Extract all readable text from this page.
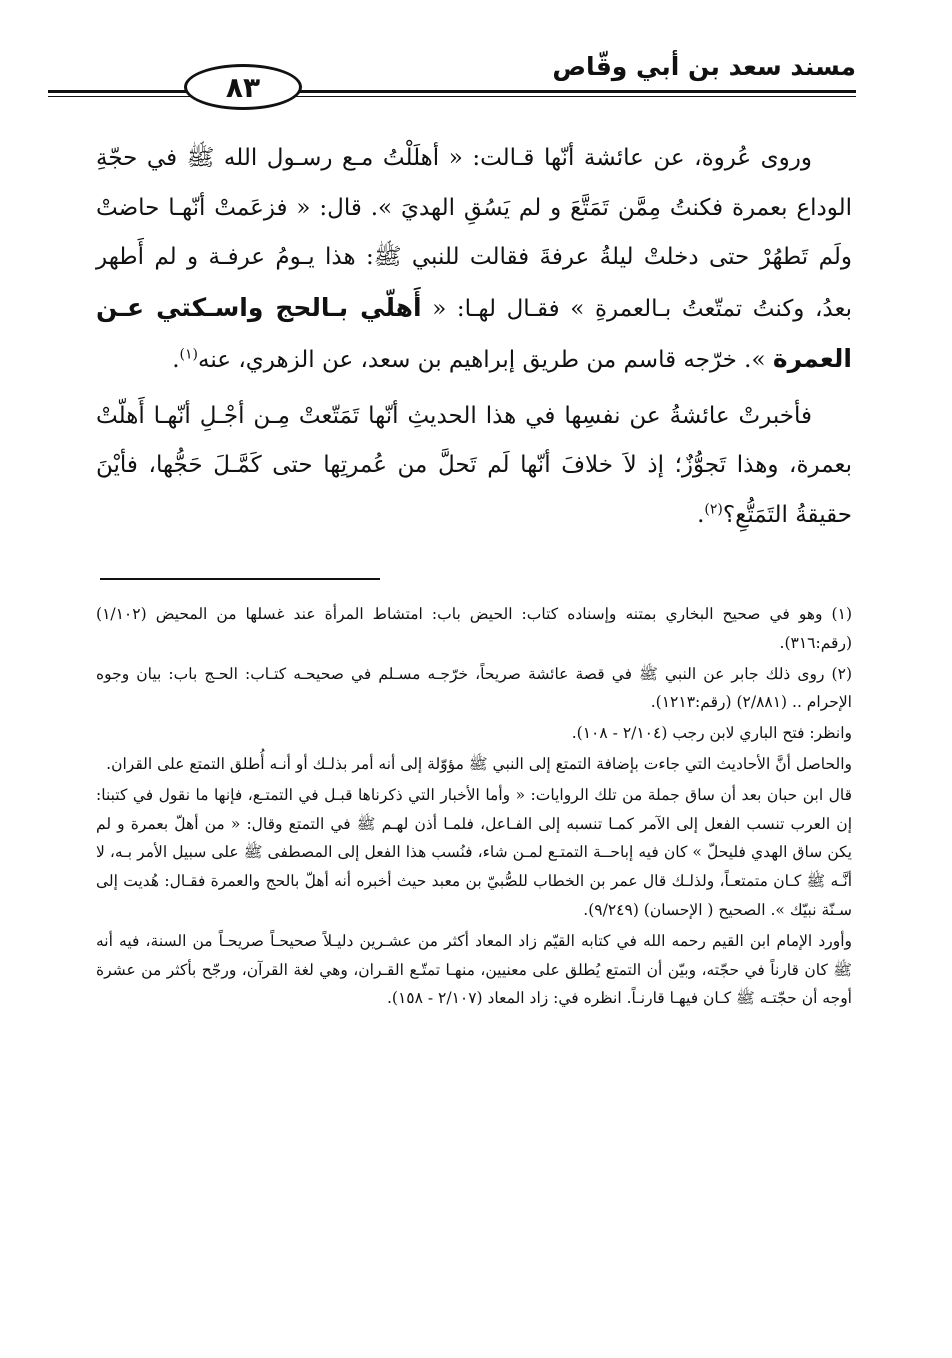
مسند سعد بن أبي وقّاص
٨٣

وروى عُروة، عن عائشة أنّها قـالت: « أهلَلْتُ مـع رسـول الله ﷺ في حجّةِ الوداع بعمرة فكنتُ مِمَّن تَمَتَّعَ و لم يَسُقِ الهديَ ». قال: « فزعَمتْ أنّهـا حاضتْ ولَم تَطهُرْ حتى دخلتْ ليلةُ عرفةَ فقالت للنبي ﷺ: هذا يـومُ عرفـة و لم أَطهر بعدُ، وكنتُ تمتّعتُ بـالعمرةِ » فقـال لهـا: « أَهلّي بـالحج واسـكتي عـن العمرة ». خرّجه قاسم من طريق إبراهيم بن سعد، عن الزهري، عنه$^{(١)}$.

فأخبرتْ عائشةُ عن نفسِها في هذا الحديثِ أنّها تَمَتّعتْ مِـن أجْـلِ أنّهـا أَهلّتْ بعمرة، وهذا تَجوُّزٌ؛ إذ لاَ خلافَ أنّها لَم تَحلَّ من عُمرتِها حتى كَمَّـلَ حَجُّها، فأيْنَ حقيقةُ التَمَتُّعِ؟$^{(٢)}$.

(١) وهو في صحيح البخاري بمتنه وإسناده كتاب: الحيض باب: امتشاط المرأة عند غسلها من المحيض (١/١٠٢) (رقم:٣١٦).

(٢) روى ذلك جابر عن النبي ﷺ في قصة عائشة صريحاً، خرّجـه مسـلم في صحيحـه كتـاب: الحـج باب: بيان وجوه الإحرام .. (٢/٨٨١) (رقم:١٢١٣).

وانظر: فتح الباري لابن رجب (٢/١٠٤ - ١٠٨).

والحاصل أنَّ الأحاديث التي جاءت بإضافة التمتع إلى النبي ﷺ مؤوّلة إلى أنه أمر بذلـك أو أنـه أُطلق التمتع على القران.

قال ابن حبان بعد أن ساق جملة من تلك الروايات: « وأما الأخبار التي ذكرناها قبـل في التمتـع، فإنها ما نقول في كتبنا: إن العرب تنسب الفعل إلى الآمر كمـا تنسبه إلى الفـاعل، فلمـا أذن لهـم ﷺ في التمتع وقال: « من أهلّ بعمرة و لم يكن ساق الهدي فليحلّ » كان فيه إباحــة التمتـع لمـن شاء، فنُسب هذا الفعل إلى المصطفى ﷺ على سبيل الأمر بـه، لا أنَّـه ﷺ كـان متمتعـاً، ولذلـك قال عمر بن الخطاب للصُّبيّ بن معبد حيث أخبره أنه أهلّ بالحج والعمرة فقـال: هُديت إلى سـنّة نبيّك ». الصحيح ( الإحسان) (٩/٢٤٩).

وأورد الإمام ابن القيم رحمه الله في كتابه القيّم زاد المعاد أكثر من عشـرين دليـلاً صحيحـاً صريحـاً من السنة، فيه أنه ﷺ كان قارناً في حجّته، وبيّن أن التمتع يُطلق على معنيين، منهـا تمتّـع القـران، وهي لغة القرآن، ورجّح بأكثر من عشرة أوجه أن حجّتـه ﷺ كـان فيهـا قارنـاً. انظره في: زاد المعاد (٢/١٠٧ - ١٥٨).
